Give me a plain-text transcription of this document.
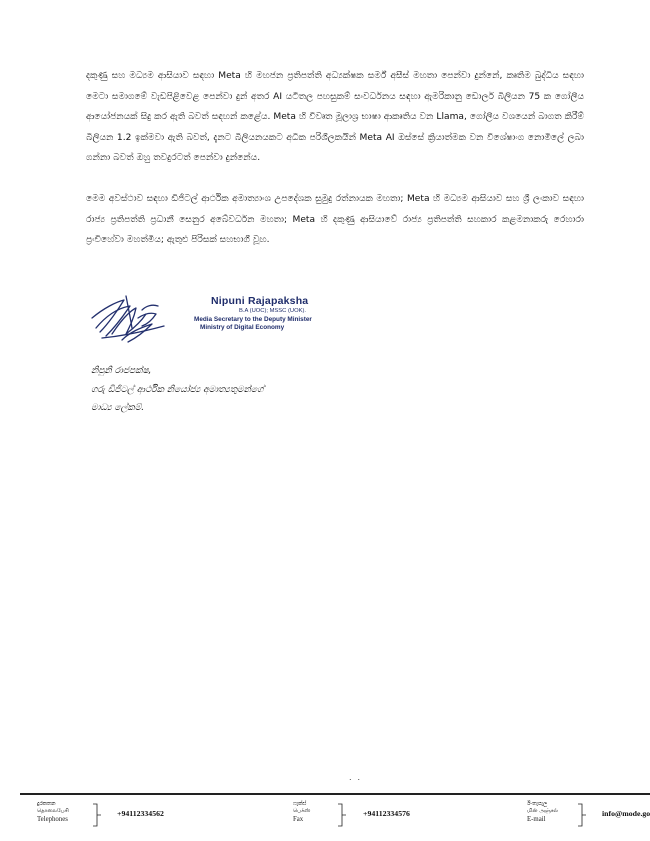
දකුණු සහ මධ්‍යම ආසියාව සඳහා Meta හි මහජන ප්‍රතිපත්ති අධ්‍යක්ෂක සර්ම් අසීස් මහතා පෙන්වා දුන්නේ, කෘතිම බුද්ධිය සඳහා මෙටා සමාගමේ වැඩපිළිවෙළ පෙන්වා දුන් අතර AI යටිතල පහසුකම් සංවර්ධනය සඳහා ඇමරිකානු ඩොලර් බිලියන 75 ක ගෝලීය ආයෝජනයක් සිදු කර ඇති බවත් සඳහන් කළේය. Meta හි විවෘත මූලාශ්‍ර භාෂා ආකෘතිය වන Llama, ගෝලීය වශයෙන් බාගත කිරීම් බිලියන 1.2 ඉක්මවා ඇති බවත්, දැනට බිලියනයකට අධික පරිශීලකයින් Meta AI ඔස්සේ ක්‍රියාත්මක වන විශේෂාංග නොමිලේ ලබා ගන්නා බවත් ඔහු තවදුරටත් පෙන්වා දුන්නේය.

මෙම අවස්ථාව සඳහා ඩිජිටල් ආර්ථික අමාත්‍යාංශ උපදේශක සුමුදු රත්නායක මහතා; Meta හි මධ්‍යම ආසියාව සහ ශ්‍රී ලංකාව සඳහා රාජ්‍ය ප්‍රතිපත්ති ප්‍රධානී සෙනුර අබේවර්ධන මහතා; Meta හි දකුණු ආසියාවේ රාජ්‍ය ප්‍රතිපත්ති සහකාර කළමනාකරු රෙහාරා ප්‍රංචිහේවා මහත්මිය; ඇතුළු පිරිසක් සහභාගී වූහ.

Nipuni Rajapaksha
B.A (UOC); MSSC (UOK).
Media Secretary to the Deputy Minister
Ministry of Digital Economy
නිපුනි රාජපක්ෂ,
ගරු ඩිජිටල් ආර්ථික නියෝජ්‍ය අමාත්‍යතුමන්ගේ
මාධ්‍ය ලේකම්.
..
දුරකතන
தொலைபேசி
Telephones
+94112334562
ෆැක්ස්
பெக்ஸ்
Fax
+94112334576
ඊ-තැපැල
மின் அஞ்சல்
E-mail
info@mode.go
